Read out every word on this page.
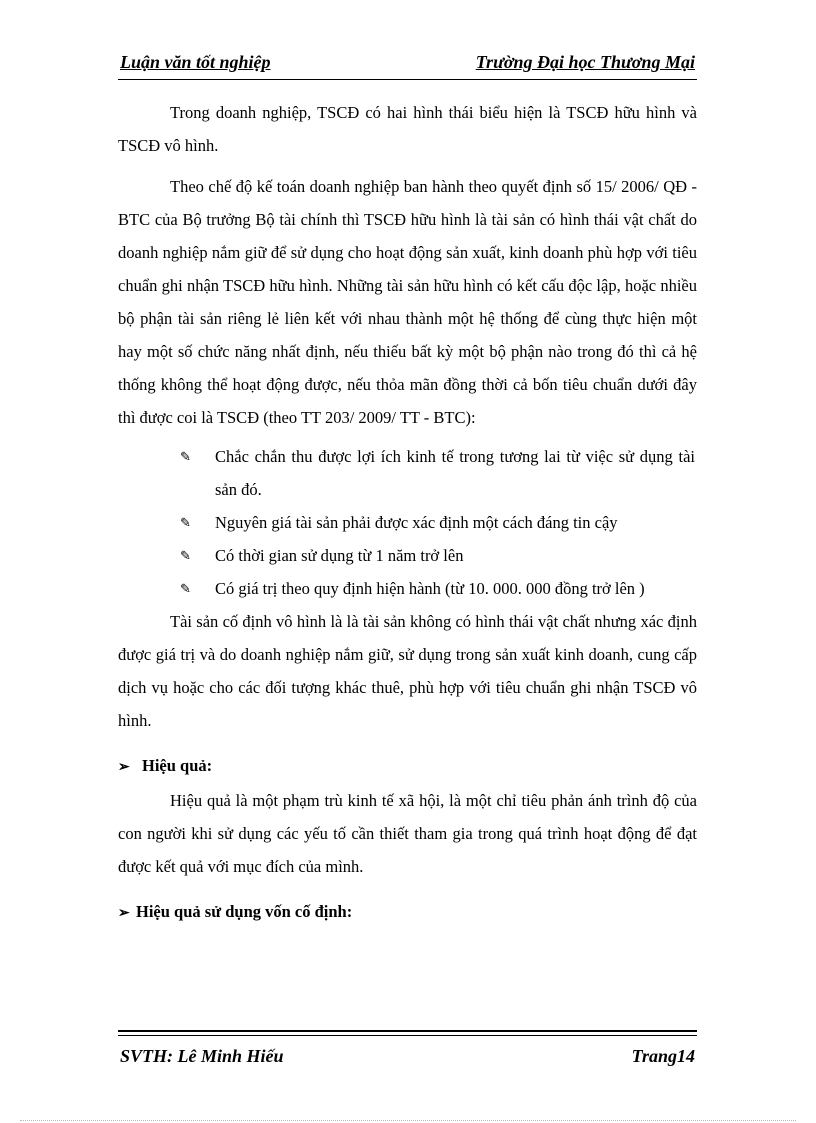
Luận văn tốt nghiệp	Trường Đại học Thương Mại

Trong doanh nghiệp, TSCĐ có hai hình thái biểu hiện là TSCĐ hữu hình và TSCĐ vô hình.

Theo chế độ kế toán doanh nghiệp ban hành theo quyết định số 15/ 2006/ QĐ - BTC của Bộ trưởng Bộ tài chính thì TSCĐ hữu hình là tài sản có hình thái vật chất do doanh nghiệp nắm giữ để sử dụng cho hoạt động sản xuất, kinh doanh phù hợp với tiêu chuẩn ghi nhận TSCĐ hữu hình. Những tài sản hữu hình có kết cấu độc lập, hoặc nhiều bộ phận tài sản riêng lẻ liên kết với nhau thành một hệ thống để cùng thực hiện một hay một số chức năng nhất định, nếu thiếu bất kỳ một bộ phận nào trong đó thì cả hệ thống không thể hoạt động được, nếu thỏa mãn đồng thời cả bốn tiêu chuẩn dưới đây thì được coi là TSCĐ (theo TT 203/ 2009/ TT - BTC):

✎ Chắc chắn thu được lợi ích kinh tế trong tương lai từ việc sử dụng tài sản đó.
✎ Nguyên giá tài sản phải được xác định một cách đáng tin cậy
✎ Có thời gian sử dụng từ 1 năm trở lên
✎ Có giá trị theo quy định hiện hành (từ 10. 000. 000 đồng trở lên )

Tài sản cố định vô hình là là tài sản không có hình thái vật chất nhưng xác định được giá trị và do doanh nghiệp nắm giữ, sử dụng trong sản xuất kinh doanh, cung cấp dịch vụ hoặc cho các đối tượng khác thuê, phù hợp với tiêu chuẩn ghi nhận TSCĐ vô hình.

➢ Hiệu quả:

Hiệu quả là một phạm trù kinh tế xã hội, là một chỉ tiêu phản ánh trình độ của con người khi sử dụng các yếu tố cần thiết tham gia trong quá trình hoạt động để đạt được kết quả với mục đích của mình.

➢ Hiệu quả sử dụng vốn cố định:
SVTH: Lê Minh Hiếu	Trang14
